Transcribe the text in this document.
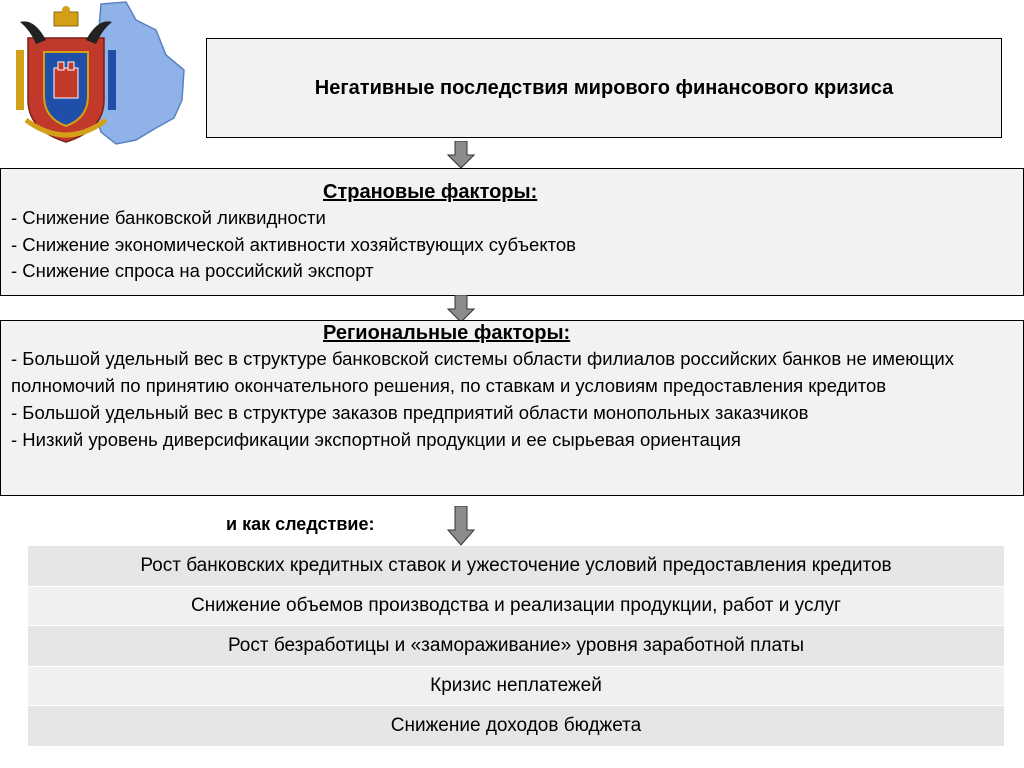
Негативные последствия мирового финансового кризиса
Страновые факторы:
- Снижение банковской ликвидности
- Снижение экономической активности хозяйствующих субъектов
- Снижение спроса на российский экспорт
Региональные факторы:
- Большой удельный вес в структуре банковской системы области филиалов российских банков не имеющих полномочий по принятию окончательного решения, по ставкам и условиям предоставления кредитов
- Большой удельный вес в структуре заказов предприятий области монопольных заказчиков
- Низкий уровень диверсификации экспортной продукции и ее сырьевая ориентация
и как следствие:
Рост банковских кредитных ставок и ужесточение условий предоставления кредитов
Снижение объемов производства и реализации продукции, работ и услуг
Рост безработицы и «замораживание» уровня заработной платы
Кризис неплатежей
Снижение доходов бюджета
